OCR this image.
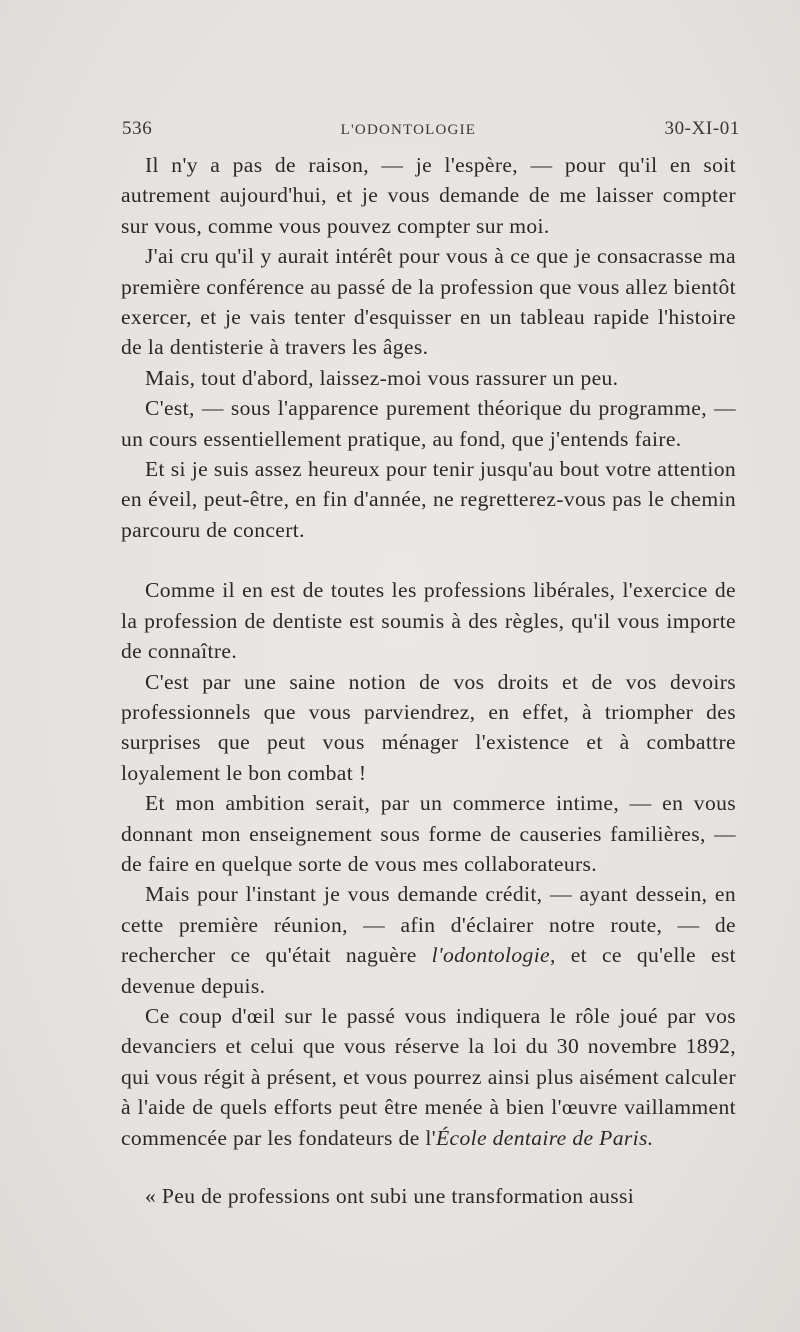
536	L'ODONTOLOGIE	30-XI-01

Il n'y a pas de raison, — je l'espère, — pour qu'il en soit autrement aujourd'hui, et je vous demande de me laisser compter sur vous, comme vous pouvez compter sur moi.

J'ai cru qu'il y aurait intérêt pour vous à ce que je consacrasse ma première conférence au passé de la profession que vous allez bientôt exercer, et je vais tenter d'esquisser en un tableau rapide l'histoire de la dentisterie à travers les âges.

Mais, tout d'abord, laissez-moi vous rassurer un peu.

C'est, — sous l'apparence purement théorique du programme, — un cours essentiellement pratique, au fond, que j'entends faire.

Et si je suis assez heureux pour tenir jusqu'au bout votre attention en éveil, peut-être, en fin d'année, ne regretterez-vous pas le chemin parcouru de concert.

Comme il en est de toutes les professions libérales, l'exercice de la profession de dentiste est soumis à des règles, qu'il vous importe de connaître.

C'est par une saine notion de vos droits et de vos devoirs professionnels que vous parviendrez, en effet, à triompher des surprises que peut vous ménager l'existence et à combattre loyalement le bon combat !

Et mon ambition serait, par un commerce intime, — en vous donnant mon enseignement sous forme de causeries familières, — de faire en quelque sorte de vous mes collaborateurs.

Mais pour l'instant je vous demande crédit, — ayant dessein, en cette première réunion, — afin d'éclairer notre route, — de rechercher ce qu'était naguère l'odontologie, et ce qu'elle est devenue depuis.

Ce coup d'œil sur le passé vous indiquera le rôle joué par vos devanciers et celui que vous réserve la loi du 30 novembre 1892, qui vous régit à présent, et vous pourrez ainsi plus aisément calculer à l'aide de quels efforts peut être menée à bien l'œuvre vaillamment commencée par les fondateurs de l'École dentaire de Paris.

« Peu de professions ont subi une transformation aussi
